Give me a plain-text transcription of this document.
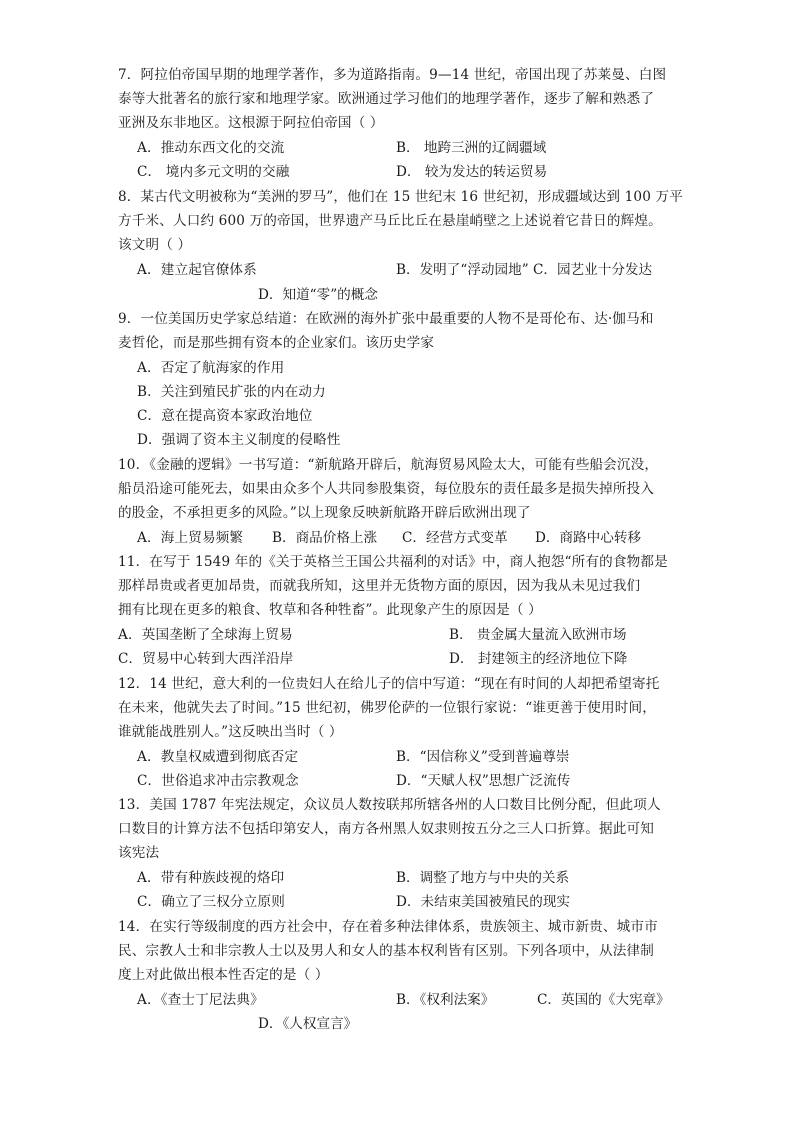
7．阿拉伯帝国早期的地理学著作，多为道路指南。9—14 世纪，帝国出现了苏莱曼、白图
泰等大批著名的旅行家和地理学家。欧洲通过学习他们的地理学著作，逐步了解和熟悉了
亚洲及东非地区。这根源于阿拉伯帝国（ ）
A．推动东西文化的交流	B． 地跨三洲的辽阔疆域
C． 境内多元文明的交融	D． 较为发达的转运贸易
8．某古代文明被称为“美洲的罗马”，他们在 15 世纪末 16 世纪初，形成疆域达到 100 万平
方千米、人口约 600 万的帝国，世界遗产马丘比丘在悬崖峭壁之上述说着它昔日的辉煌。
该文明（ ）
A．建立起官僚体系	B．发明了“浮动园地” C．园艺业十分发达
D．知道“零”的概念
9．一位美国历史学家总结道：在欧洲的海外扩张中最重要的人物不是哥伦布、达·伽马和
麦哲伦，而是那些拥有资本的企业家们。该历史学家
A．否定了航海家的作用
B．关注到殖民扩张的内在动力
C．意在提高资本家政治地位
D．强调了资本主义制度的侵略性
10．《金融的逻辑》一书写道：“新航路开辟后，航海贸易风险太大，可能有些船会沉没，
船员沿途可能死去，如果由众多个人共同参股集资，每位股东的责任最多是损失掉所投入
的股金，不承担更多的风险。”以上现象反映新航路开辟后欧洲出现了
A．海上贸易频繁 B．商品价格上涨 C．经营方式变革 D．商路中心转移
11．在写于 1549 年的《关于英格兰王国公共福利的对话》中，商人抱怨“所有的食物都是
那样昂贵或者更加昂贵，而就我所知，这里并无货物方面的原因，因为我从未见过我们
拥有比现在更多的粮食、牧草和各种牲畜”。此现象产生的原因是（ ）
A．英国垄断了全球海上贸易	B． 贵金属大量流入欧洲市场
C．贸易中心转到大西洋沿岸	D． 封建领主的经济地位下降
12．14 世纪，意大利的一位贵妇人在给儿子的信中写道：“现在有时间的人却把希望寄托
在未来，他就失去了时间。”15 世纪初，佛罗伦萨的一位银行家说：“谁更善于使用时间，
谁就能战胜别人。”这反映出当时（ ）
A．教皇权威遭到彻底否定	B．“因信称义”受到普遍尊崇
C．世俗追求冲击宗教观念	D．“天赋人权”思想广泛流传
13．美国 1787 年宪法规定，众议员人数按联邦所辖各州的人口数目比例分配，但此项人
口数目的计算方法不包括印第安人，南方各州黑人奴隶则按五分之三人口折算。据此可知
该宪法
A．带有种族歧视的烙印	B．调整了地方与中央的关系
C．确立了三权分立原则	D．未结束美国被殖民的现实
14．在实行等级制度的西方社会中，存在着多种法律体系，贵族领主、城市新贵、城市市
民、宗教人士和非宗教人士以及男人和女人的基本权利皆有区别。下列各项中，从法律制
度上对此做出根本性否定的是（ ）
A．《查士丁尼法典》	B．《权利法案》	C．英国的《大宪章》
D．《人权宣言》
